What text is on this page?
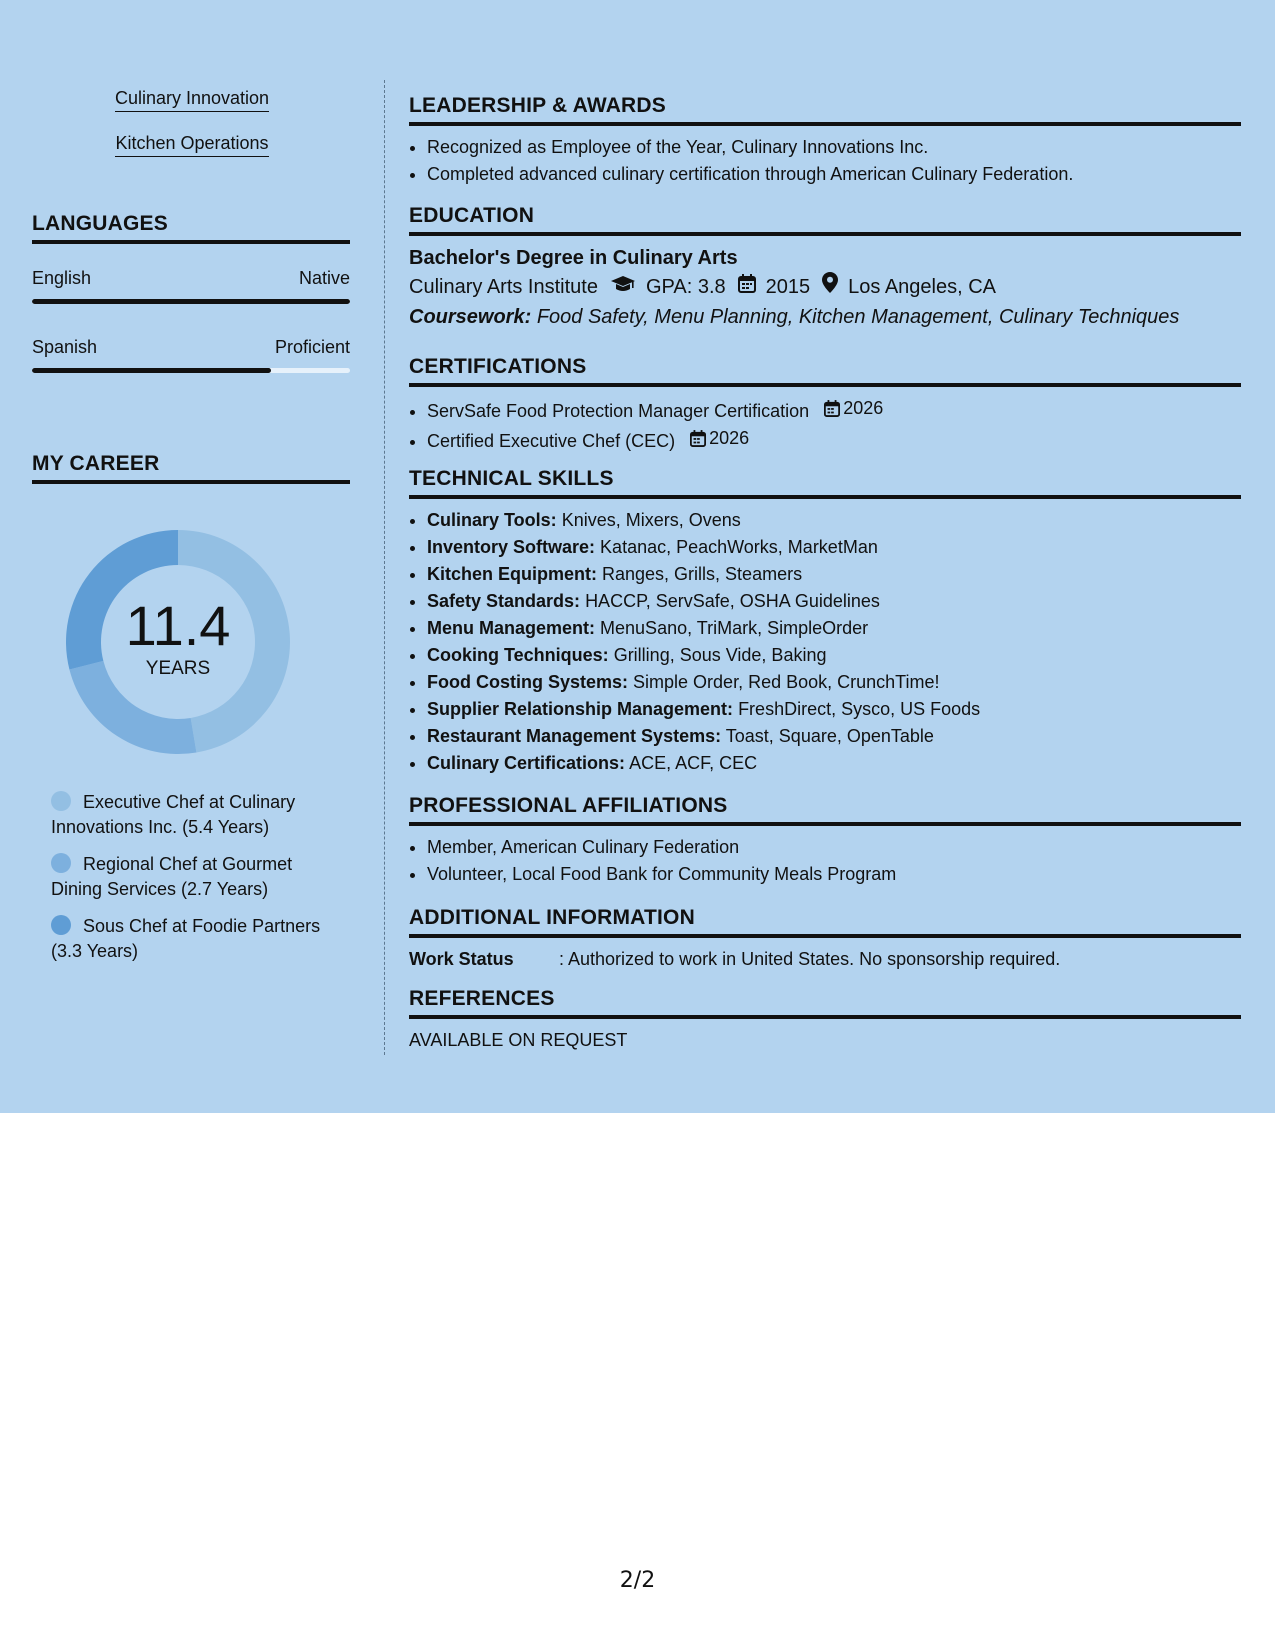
Culinary Innovation
Kitchen Operations
LANGUAGES
English	Native
Spanish	Proficient
MY CAREER
11.4
YEARS
Executive Chef at Culinary Innovations Inc. (5.4 Years)
Regional Chef at Gourmet Dining Services (2.7 Years)
Sous Chef at Foodie Partners (3.3 Years)
LEADERSHIP & AWARDS
• Recognized as Employee of the Year, Culinary Innovations Inc.
• Completed advanced culinary certification through American Culinary Federation.
EDUCATION
Bachelor's Degree in Culinary Arts
Culinary Arts Institute GPA: 3.8 2015 Los Angeles, CA
Coursework: Food Safety, Menu Planning, Kitchen Management, Culinary Techniques
CERTIFICATIONS
• ServSafe Food Protection Manager Certification 2026
• Certified Executive Chef (CEC) 2026
TECHNICAL SKILLS
• Culinary Tools: Knives, Mixers, Ovens
• Inventory Software: Katanac, PeachWorks, MarketMan
• Kitchen Equipment: Ranges, Grills, Steamers
• Safety Standards: HACCP, ServSafe, OSHA Guidelines
• Menu Management: MenuSano, TriMark, SimpleOrder
• Cooking Techniques: Grilling, Sous Vide, Baking
• Food Costing Systems: Simple Order, Red Book, CrunchTime!
• Supplier Relationship Management: FreshDirect, Sysco, US Foods
• Restaurant Management Systems: Toast, Square, OpenTable
• Culinary Certifications: ACE, ACF, CEC
PROFESSIONAL AFFILIATIONS
• Member, American Culinary Federation
• Volunteer, Local Food Bank for Community Meals Program
ADDITIONAL INFORMATION
Work Status	: Authorized to work in United States. No sponsorship required.
REFERENCES
AVAILABLE ON REQUEST
2/2
